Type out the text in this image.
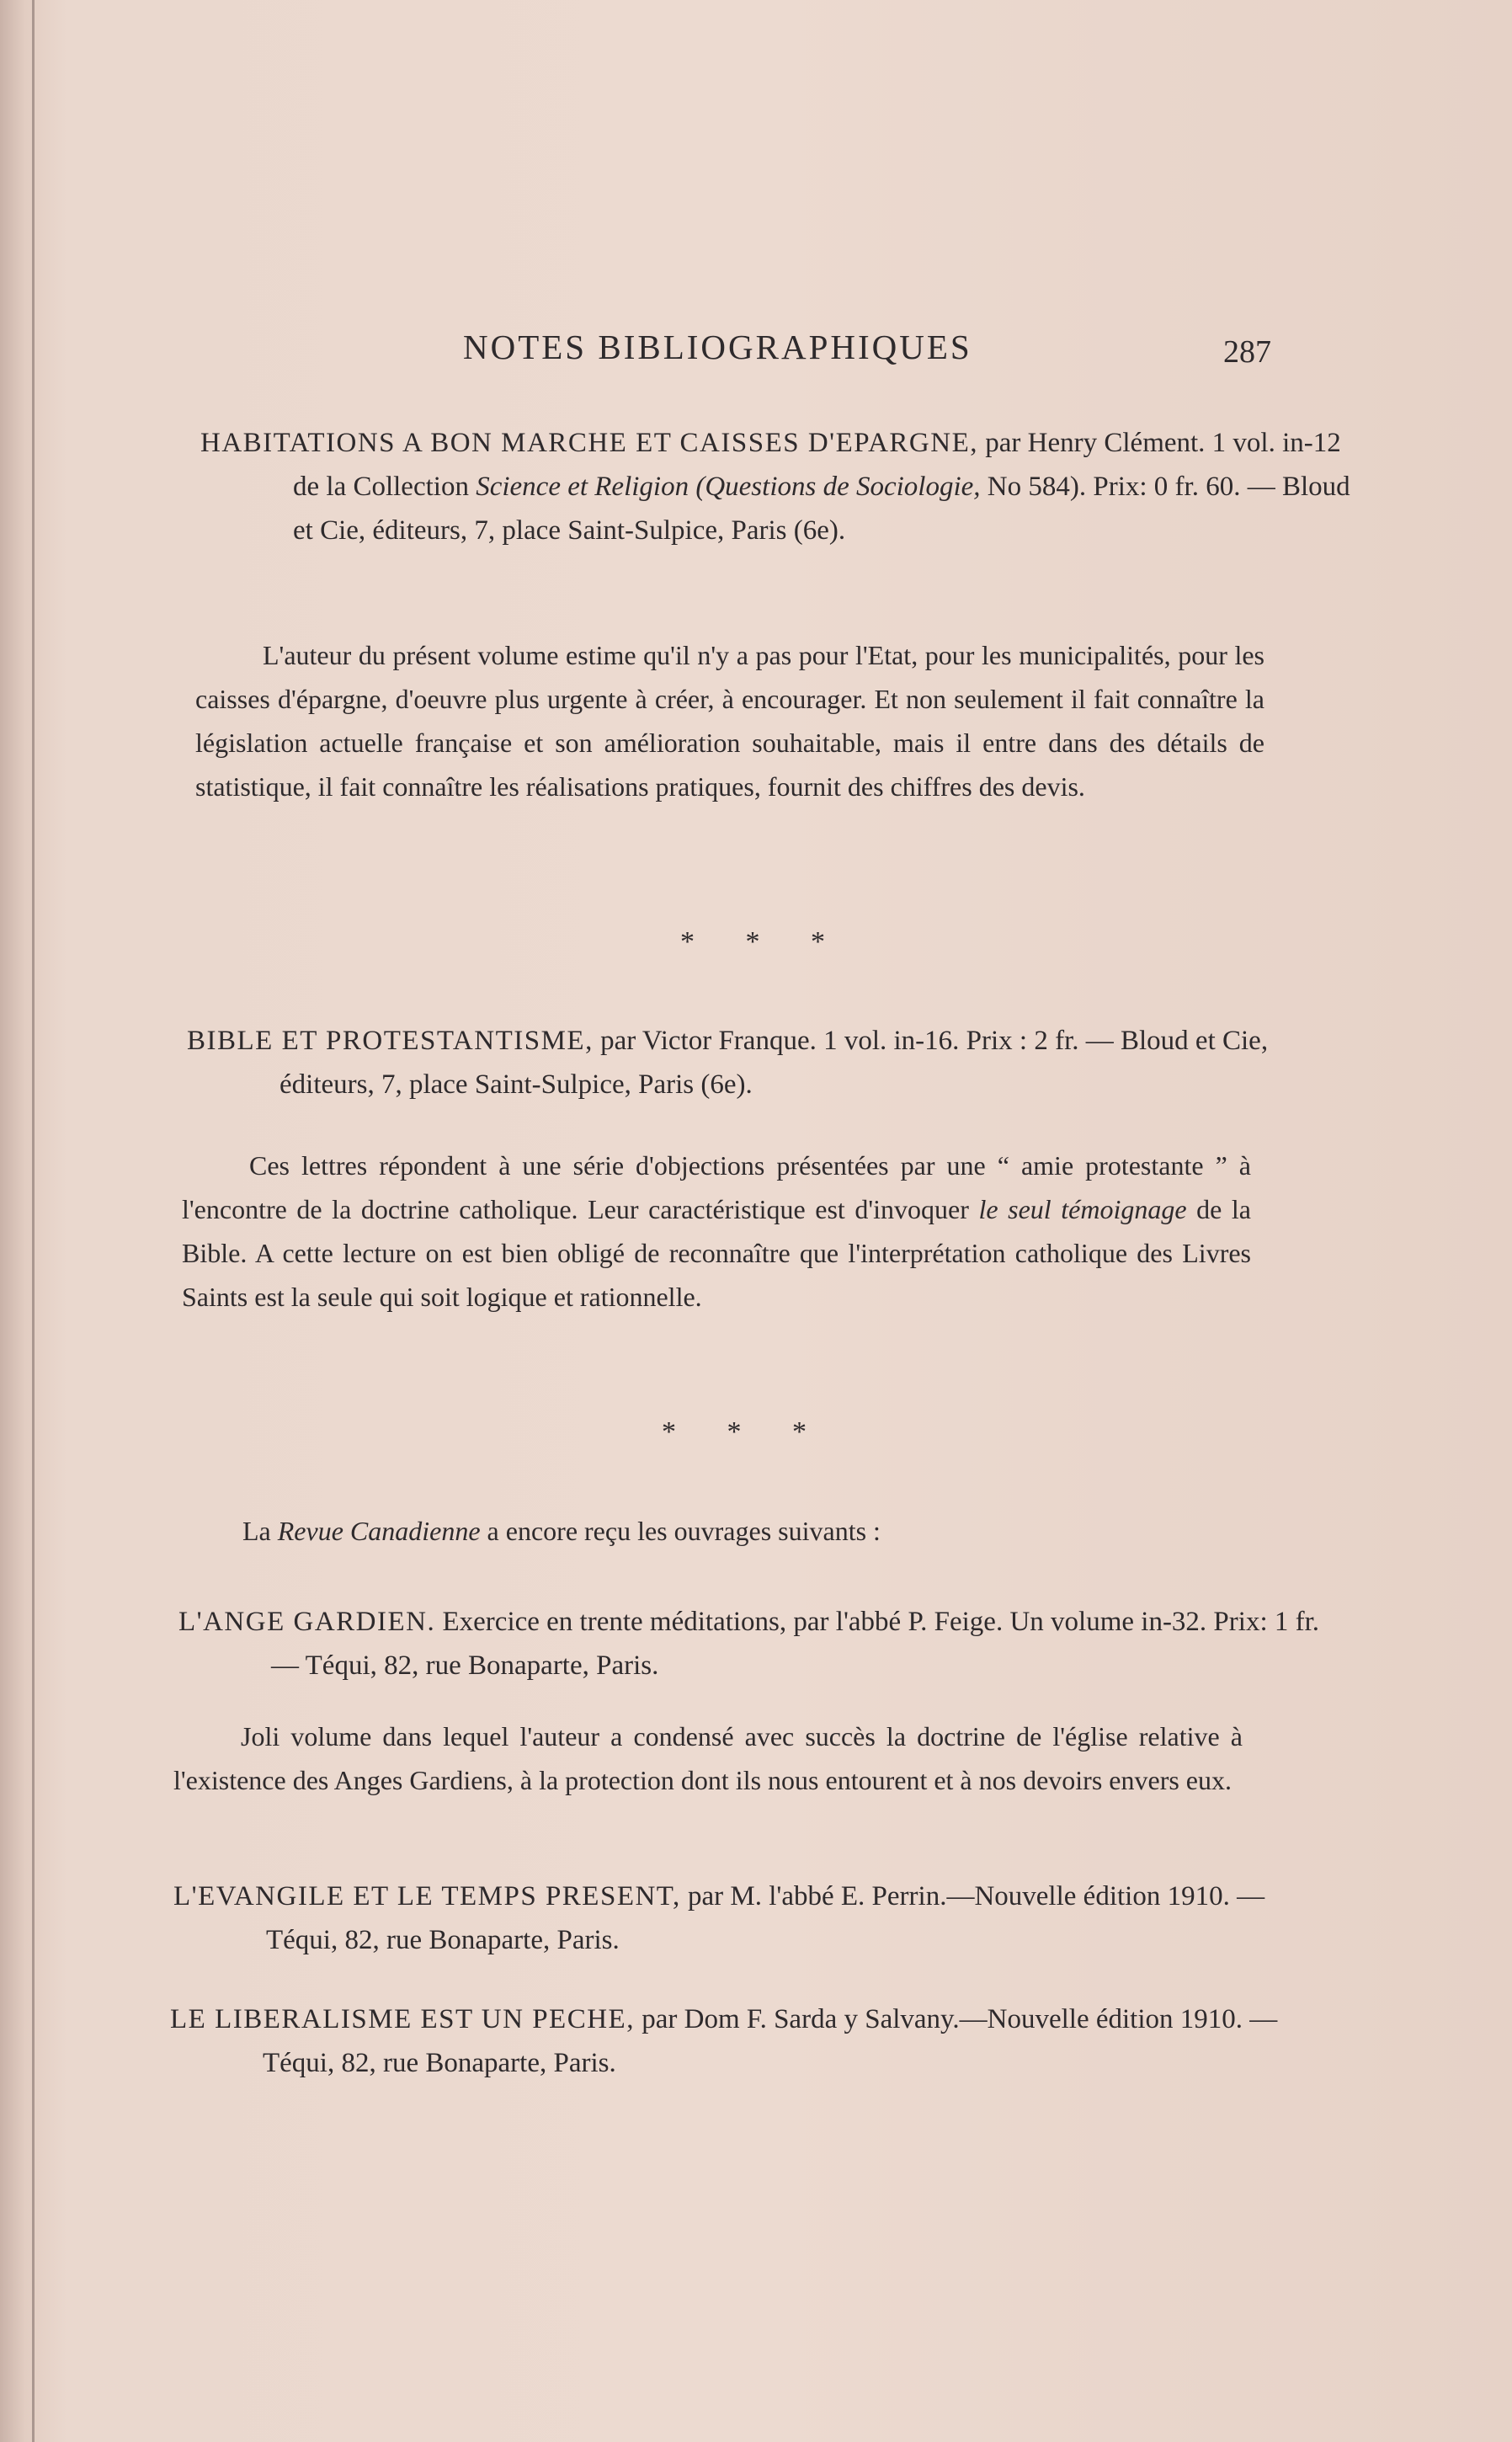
NOTES BIBLIOGRAPHIQUES	287
HABITATIONS A BON MARCHE ET CAISSES D'EPARGNE, par Henry Clément. 1 vol. in-12 de la Collection Science et Religion (Questions de Sociologie, No 584). Prix: 0 fr. 60. — Bloud et Cie, éditeurs, 7, place Saint-Sulpice, Paris (6e).
L'auteur du présent volume estime qu'il n'y a pas pour l'Etat, pour les municipalités, pour les caisses d'épargne, d'oeuvre plus urgente à créer, à encourager. Et non seulement il fait connaître la législation actuelle française et son amélioration souhaitable, mais il entre dans des détails de statistique, il fait connaître les réalisations pratiques, fournit des chiffres des devis.
* * *
BIBLE ET PROTESTANTISME, par Victor Franque. 1 vol. in-16. Prix : 2 fr. — Bloud et Cie, éditeurs, 7, place Saint-Sulpice, Paris (6e).
Ces lettres répondent à une série d'objections présentées par une “ amie protestante ” à l'encontre de la doctrine catholique. Leur caractéristique est d'invoquer le seul témoignage de la Bible. A cette lecture on est bien obligé de reconnaître que l'interprétation catholique des Livres Saints est la seule qui soit logique et rationnelle.
* * *
La Revue Canadienne a encore reçu les ouvrages suivants :
L'ANGE GARDIEN. Exercice en trente méditations, par l'abbé P. Feige. Un volume in-32. Prix: 1 fr. — Téqui, 82, rue Bonaparte, Paris.
Joli volume dans lequel l'auteur a condensé avec succès la doctrine de l'église relative à l'existence des Anges Gardiens, à la protection dont ils nous entourent et à nos devoirs envers eux.
L'EVANGILE ET LE TEMPS PRESENT, par M. l'abbé E. Perrin.—Nouvelle édition 1910. — Téqui, 82, rue Bonaparte, Paris.
LE LIBERALISME EST UN PECHE, par Dom F. Sarda y Salvany.—Nouvelle édition 1910. — Téqui, 82, rue Bonaparte, Paris.
